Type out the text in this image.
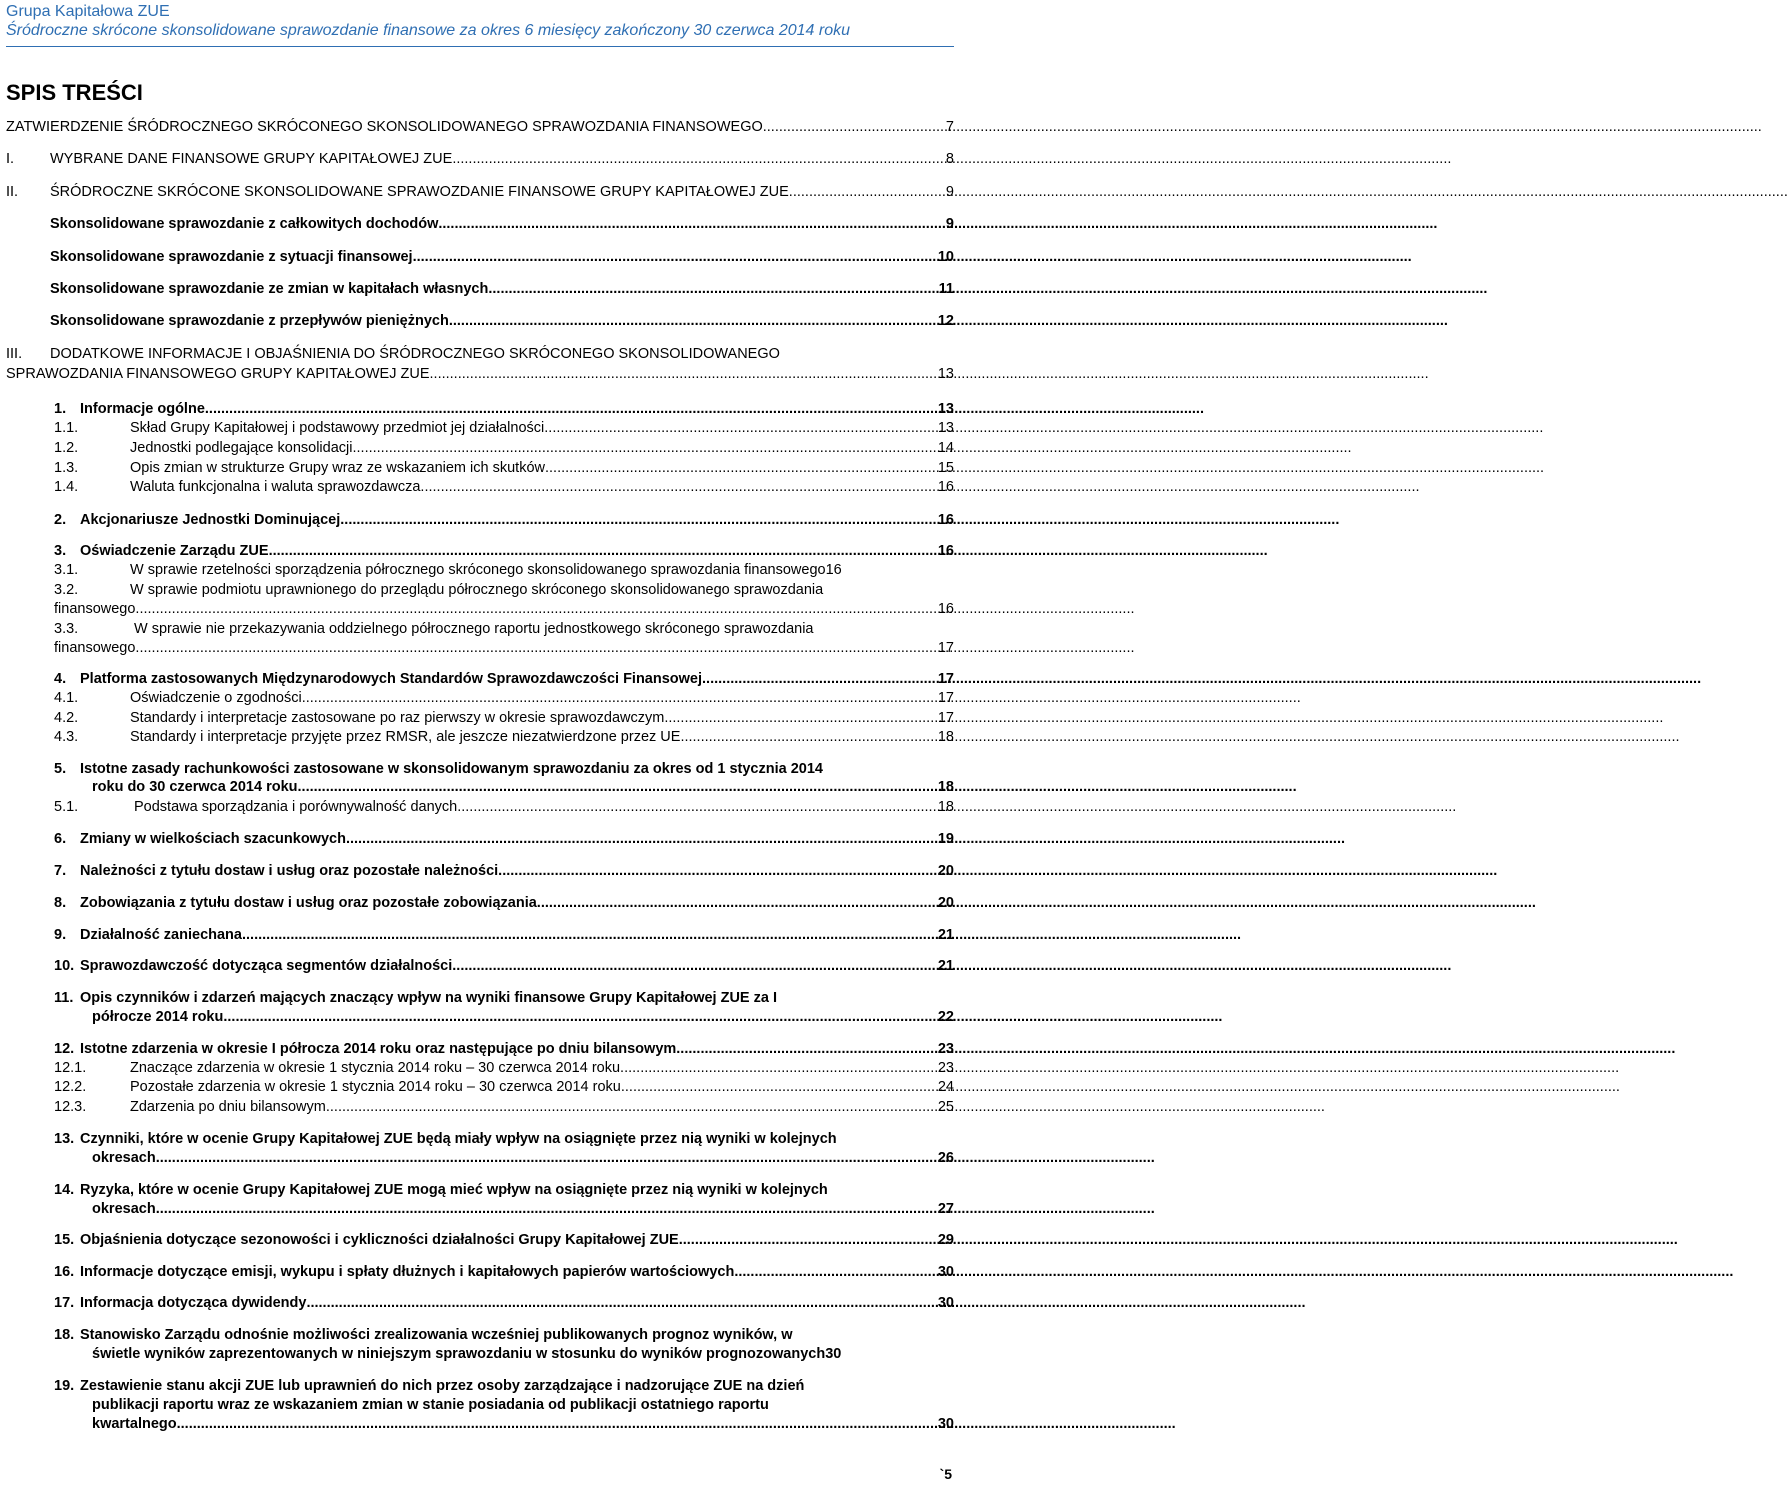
Grupa Kapitałowa ZUE
Śródroczne skrócone skonsolidowane sprawozdanie finansowe za okres 6 miesięcy zakończony 30 czerwca 2014 roku
SPIS TREŚCI
ZATWIERDZENIE ŚRÓDROCZNEGO SKRÓCONEGO SKONSOLIDOWANEGO SPRAWOZDANIA FINANSOWEGO .....	7
I. WYBRANE DANE FINANSOWE GRUPY KAPITAŁOWEJ ZUE .....	8
II. ŚRÓDROCZNE SKRÓCONE SKONSOLIDOWANE SPRAWOZDANIE FINANSOWE GRUPY KAPITAŁOWEJ ZUE .....	9
Skonsolidowane sprawozdanie z całkowitych dochodów .....	9
Skonsolidowane sprawozdanie z sytuacji finansowej .....	10
Skonsolidowane sprawozdanie ze zmian w kapitałach własnych .....	11
Skonsolidowane sprawozdanie z przepływów pieniężnych .....	12
III. DODATKOWE INFORMACJE I OBJAŚNIENIA DO ŚRÓDROCZNEGO SKRÓCONEGO SKONSOLIDOWANEGO
SPRAWOZDANIA FINANSOWEGO GRUPY KAPITAŁOWEJ ZUE .....	13
1. Informacje ogólne .....	13
1.1.	Skład Grupy Kapitałowej i podstawowy przedmiot jej działalności .....	13
1.2.	Jednostki podlegające konsolidacji .....	14
1.3.	Opis zmian w strukturze Grupy wraz ze wskazaniem ich skutków .....	15
1.4.	Waluta funkcjonalna i waluta sprawozdawcza .....	16
2. Akcjonariusze Jednostki Dominującej .....	16
3. Oświadczenie Zarządu ZUE .....	16
3.1.	W sprawie rzetelności sporządzenia półrocznego skróconego skonsolidowanego sprawozdania finansowego 16
3.2.	W sprawie podmiotu uprawnionego do przeglądu półrocznego skróconego skonsolidowanego sprawozdania
finansowego .....	16
3.3.	W sprawie nie przekazywania oddzielnego półrocznego raportu jednostkowego skróconego sprawozdania
finansowego .....	17
4. Platforma zastosowanych Międzynarodowych Standardów Sprawozdawczości Finansowej .....	17
4.1.	Oświadczenie o zgodności .....	17
4.2.	Standardy i interpretacje zastosowane po raz pierwszy w okresie sprawozdawczym .....	17
4.3.	Standardy i interpretacje przyjęte przez RMSR, ale jeszcze niezatwierdzone przez UE .....	18
5. Istotne zasady rachunkowości zastosowane w skonsolidowanym sprawozdaniu za okres od 1 stycznia 2014
roku do 30 czerwca 2014 roku .....	18
5.1.	Podstawa sporządzania i porównywalność danych .....	18
6. Zmiany w wielkościach szacunkowych .....	19
7. Należności z tytułu dostaw i usług oraz pozostałe należności .....	20
8. Zobowiązania z tytułu dostaw i usług oraz pozostałe zobowiązania .....	20
9. Działalność zaniechana .....	21
10. Sprawozdawczość dotycząca segmentów działalności .....	21
11. Opis czynników i zdarzeń mających znaczący wpływ na wyniki finansowe Grupy Kapitałowej ZUE za I
półrocze 2014 roku .....	22
12. Istotne zdarzenia w okresie I półrocza 2014 roku oraz następujące po dniu bilansowym .....	23
12.1.	Znaczące zdarzenia w okresie 1 stycznia 2014 roku – 30 czerwca 2014 roku .....	23
12.2.	Pozostałe zdarzenia w okresie 1 stycznia 2014 roku – 30 czerwca 2014 roku .....	24
12.3.	Zdarzenia po dniu bilansowym .....	25
13. Czynniki, które w ocenie Grupy Kapitałowej ZUE będą miały wpływ na osiągnięte przez nią wyniki w kolejnych
okresach .....	26
14. Ryzyka, które w ocenie Grupy Kapitałowej ZUE mogą mieć wpływ na osiągnięte przez nią wyniki w kolejnych
okresach .....	27
15. Objaśnienia dotyczące sezonowości i cykliczności działalności Grupy Kapitałowej ZUE .....	29
16. Informacje dotyczące emisji, wykupu i spłaty dłużnych i kapitałowych papierów wartościowych .....	30
17. Informacja dotycząca dywidendy .....	30
18. Stanowisko Zarządu odnośnie możliwości zrealizowania wcześniej publikowanych prognoz wyników, w
świetle wyników zaprezentowanych w niniejszym sprawozdaniu w stosunku do wyników prognozowanych 30
19. Zestawienie stanu akcji ZUE lub uprawnień do nich przez osoby zarządzające i nadzorujące ZUE na dzień
publikacji raportu wraz ze wskazaniem zmian w stanie posiadania od publikacji ostatniego raportu
kwartalnego .....	30
`5
